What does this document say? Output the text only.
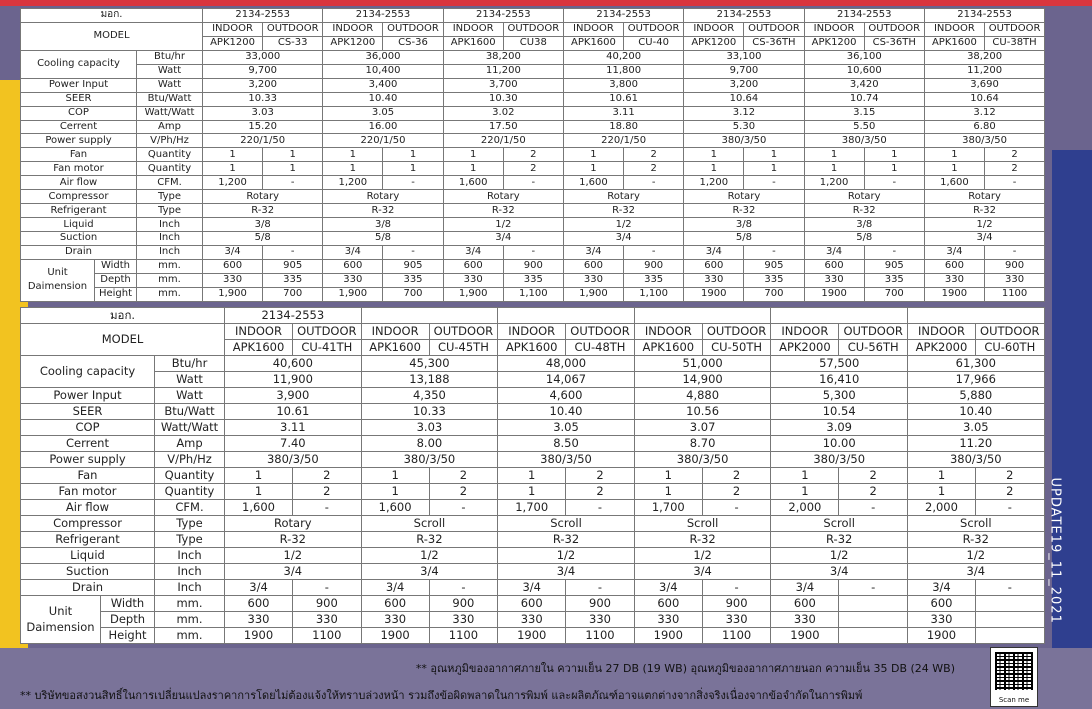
มอก.			2134-2553		2134-2553		2134-2553		2134-2553		2134-2553		2134-2553		2134-2553	
MODEL			INDOOR	OUTDOOR	INDOOR	OUTDOOR	INDOOR	OUTDOOR	INDOOR	OUTDOOR	INDOOR	OUTDOOR	INDOOR	OUTDOOR	INDOOR	OUTDOOR
			APK1200	CS-33	APK1200	CS-36	APK1600	CU38	APK1600	CU-40	APK1200	CS-36TH	APK1200	CS-36TH	APK1600	CU-38TH
Cooling capacity		Btu/hr	33,000		36,000		38,200		40,200		33,100		36,100		38,200	
		Watt	9,700		10,400		11,200		11,800		9,700		10,600		11,200	
Power Input		Watt	3,200		3,400		3,700		3,800		3,200		3,420		3,690	
SEER		Btu/Watt	10.33		10.40		10.30		10.61		10.64		10.74		10.64	
COP		Watt/Watt	3.03		3.05		3.02		3.11		3.12		3.15		3.12	
Cerrent		Amp	15.20		16.00		17.50		18.80		5.30		5.50		6.80	
Power supply		V/Ph/Hz	220/1/50		220/1/50		220/1/50		220/1/50		380/3/50		380/3/50		380/3/50	
Fan		Quantity	1	1	1	1	1	2	1	2	1	1	1	1	1	2
Fan motor		Quantity	1	1	1	1	1	2	1	2	1	1	1	1	1	2
Air flow		CFM.	1,200	-	1,200	-	1,600	-	1,600	-	1,200	-	1,200	-	1,600	-
Compressor		Type	Rotary		Rotary		Rotary		Rotary		Rotary		Rotary		Rotary	
Refrigerant		Type	R-32		R-32		R-32		R-32		R-32		R-32		R-32	
Liquid		Inch	3/8		3/8		1/2		1/2		3/8		3/8		1/2	
Suction		Inch	5/8		5/8		3/4		3/4		5/8		5/8		3/4	
Drain		Inch	3/4	-	3/4	-	3/4	-	3/4	-	3/4	-	3/4	-	3/4	-

Unit
Daimension	Width	mm.	600	905	600	905	600	900	600	900	600	905	600	905	600	900
	Depth	mm.	330	335	330	335	330	335	330	335	330	335	330	335	330	330
	Height	mm.	1,900	700	1,900	700	1,900	1,100	1,900	1,100	1900	700	1900	700	1900	1100
มอก.			2134-2553											
MODEL			INDOOR	OUTDOOR	INDOOR	OUTDOOR	INDOOR	OUTDOOR	INDOOR	OUTDOOR	INDOOR	OUTDOOR	INDOOR	OUTDOOR
			APK1600	CU-41TH	APK1600	CU-45TH	APK1600	CU-48TH	APK1600	CU-50TH	APK2000	CU-56TH	APK2000	CU-60TH
Cooling capacity		Btu/hr	40,600		45,300		48,000		51,000		57,500		61,300	
		Watt	11,900		13,188		14,067		14,900		16,410		17,966	
Power Input		Watt	3,900		4,350		4,600		4,880		5,300		5,880	
SEER		Btu/Watt	10.61		10.33		10.40		10.56		10.54		10.40	
COP		Watt/Watt	3.11		3.03		3.05		3.07		3.09		3.05	
Cerrent		Amp	7.40		8.00		8.50		8.70		10.00		11.20	
Power supply		V/Ph/Hz	380/3/50		380/3/50		380/3/50		380/3/50		380/3/50		380/3/50	
Fan		Quantity	1	2	1	2	1	2	1	2	1	2	1	2
Fan motor		Quantity	1	2	1	2	1	2	1	2	1	2	1	2
Air flow		CFM.	1,600	-	1,600	-	1,700	-	1,700	-	2,000	-	2,000	-
Compressor		Type	Rotary		Scroll		Scroll		Scroll		Scroll		Scroll	
Refrigerant		Type	R-32		R-32		R-32		R-32		R-32		R-32	
Liquid		Inch	1/2		1/2		1/2		1/2		1/2		1/2	
Suction		Inch	3/4		3/4		3/4		3/4		3/4		3/4	
Drain		Inch	3/4	-	3/4	-	3/4	-	3/4	-	3/4	-	3/4	-

Unit
Daimension	Width	mm.	600	900	600	900	600	900	600	900	600		600	
	Depth	mm.	330	330	330	330	330	330	330	330	330		330	
	Height	mm.	1900	1100	1900	1100	1900	1100	1900	1100	1900		1900	
UPDATE19_11_2021
** อุณหภูมิของอากาศภายใน ความเย็น 27 DB (19 WB) อุณหภูมิของอากาศภายนอก ความเย็น 35 DB (24 WB)
** บริษัทขอสงวนสิทธิ์ในการเปลี่ยนแปลงราคาการโดยไม่ต้องแจ้งให้ทราบล่วงหน้า รวมถึงข้อผิดพลาดในการพิมพ์ และผลิตภัณฑ์อาจแตกต่างจากสิ่งจริงเนื่องจากข้อจำกัดในการพิมพ์	Scan me
